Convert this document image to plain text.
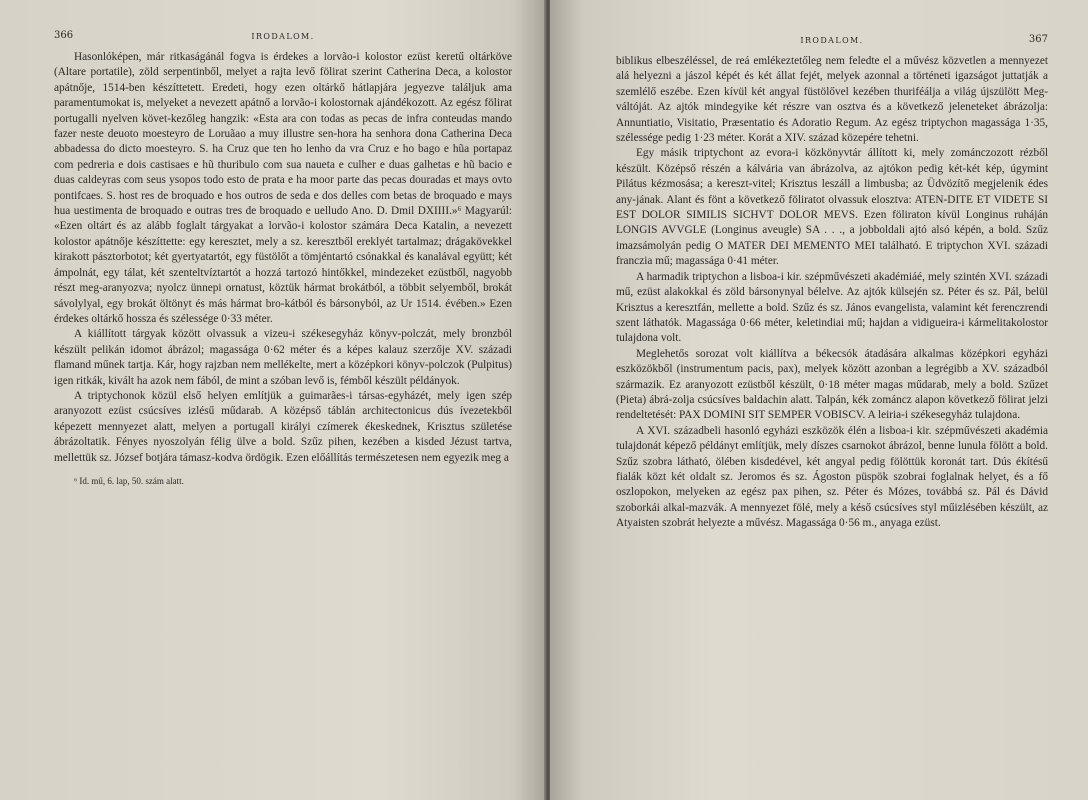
366	IRODALOM.

Hasonlóképen, már ritkaságánál fogva is érdekes a lorvão-i kolostor ezüst keretű oltárköve (Altare portatile), zöld serpentinből, melyet a rajta levő fölirat szerint Catherina Deca, a kolostor apátnője, 1514-ben készíttetett. Eredeti, hogy ezen oltárkő hátlapjára jegyezve találjuk ama paramentumokat is, melyeket a nevezett apátnő a lorvão-i kolostornak ajándékozott. Az egész fölirat portugalli nyelven követ-kezőleg hangzik: «Esta ara con todas as pecas de infra conteudas mando fazer neste deuoto moesteyro de Loruãao a muy illustre sen-hora ha senhora dona Catherina Deca abbadessa do dicto moesteyro. S. ha Cruz que ten ho lenho da vra Cruz e ho bago e hũa portapaz com pedreria e dois castisaes e hũ thuribulo com sua naueta e culher e duas galhetas e hũ bacio e duas caldeyras com seus ysopos todo esto de prata e ha moor parte das pecas douradas et mays ovto pontifcaes. S. host res de broquado e hos outros de seda e dos delles com betas de broquado e mays hua uestimenta de broquado e outras tres de broquado e uelludo Ano. D. Dmil DXIIII.»⁶ Magyarúl: «Ezen oltárt és az alább foglalt tárgyakat a lorvão-i kolostor számára Deca Katalin, a nevezett kolostor apátnője készíttette: egy keresztet, mely a sz. keresztből ereklyét tartalmaz; drágakövekkel kirakott pásztorbotot; két gyertyatartót, egy füstölőt a tömjéntartó csónakkal és kanalával együtt; két ámpolnát, egy tálat, két szenteltvíztartót a hozzá tartozó hintőkkel, mindezeket ezüstből, nagyobb részt meg-aranyozva; nyolcz ünnepi ornatust, köztük hármat brokátból, a többit selyemből, brokát sávolylyal, egy brokát öltönyt és más hármat bro-kátból és bársonyból, az Ur 1514. évében.» Ezen érdekes oltárkő hossza és szélessége 0·33 méter.

A kiállított tárgyak között olvassuk a vizeu-i székesegyház könyv-polczát, mely bronzból készült pelikán idomot ábrázol; magassága 0·62 méter és a képes kalauz szerzője XV. századi flamand műnek tartja. Kár, hogy rajzban nem mellékelte, mert a középkori könyv-polczok (Pulpitus) igen ritkák, kivált ha azok nem fából, de mint a szóban levő is, fémből készült példányok.

A triptychonok közül első helyen említjük a guimarães-i társas-egyházét, mely igen szép aranyozott ezüst csúcsíves izlésű műdarab. A középső táblán architectonicus dús ívezetekből képezett mennyezet alatt, melyen a portugall királyi czímerek ékeskednek, Krisztus születése ábrázoltatik. Fényes nyoszolyán félig ülve a bold. Szűz pihen, kezében a kisded Jézust tartva, mellettük sz. József botjára támasz-kodva ördögik. Ezen előállítás természetesen nem egyezik meg a

⁶ Id. mű, 6. lap, 50. szám alatt.
IRODALOM.	367

biblikus elbeszéléssel, de reá emlékeztetőleg nem feledte el a művész közvetlen a mennyezet alá helyezni a jászol képét és két állat fejét, melyek azonnal a történeti igazságot juttatják a szemlélő eszébe. Ezen kívül két angyal füstölővel kezében thuriféálja a világ újszülött Meg-váltóját. Az ajtók mindegyike két részre van osztva és a következő jeleneteket ábrázolja: Annuntiatio, Visitatio, Præsentatio és Adoratio Regum. Az egész triptychon magassága 1·35, szélessége pedig 1·23 méter. Korát a XIV. század közepére tehetni.

Egy másik triptychont az evora-i közkönyvtár állított ki, mely zománczozott rézből készült. Középső részén a kálvária van ábrázolva, az ajtókon pedig két-két kép, úgymint Pilátus kézmosása; a kereszt-vitel; Krisztus leszáll a limbusba; az Üdvözítő megjelenik édes any-jának. Alant és fönt a következő föliratot olvassuk elosztva: ATEN-DITE ET VIDETE SI EST DOLOR SIMILIS SICHVT DOLOR MEVS. Ezen föliraton kívül Longinus ruháján LONGIS AVVGLE (Longinus aveugle) SA . . ., a jobboldali ajtó alsó képén, a bold. Szűz imazsámolyán pedig O MATER DEI MEMENTO MEI található. E triptychon XVI. századi franczia mű; magassága 0·41 méter.

A harmadik triptychon a lisboa-i kir. szépművészeti akadémiáé, mely szintén XVI. századi mű, ezüst alakokkal és zöld bársonynyal bélelve. Az ajtók külsején sz. Péter és sz. Pál, belül Krisztus a keresztfán, mellette a bold. Szűz és sz. János evangelista, valamint két ferenczrendi szent láthatók. Magassága 0·66 méter, keletindiai mű; hajdan a vidigueira-i kármelitakolostor tulajdona volt.

Meglehetős sorozat volt kiállítva a békecsók átadására alkalmas középkori egyházi eszközökből (instrumentum pacis, pax), melyek között azonban a legrégibb a XV. századból származik. Ez aranyozott ezüstből készült, 0·18 méter magas műdarab, mely a bold. Szűzet (Pieta) ábrá-zolja csúcsíves baldachin alatt. Talpán, kék zománcz alapon következő fölirat jelzi rendeltetését: PAX DOMINI SIT SEMPER VOBISCV. A leiria-i székesegyház tulajdona.

A XVI. századbeli hasonló egyházi eszközök élén a lisboa-i kir. szépművészeti akadémia tulajdonát képező példányt említjük, mely díszes csarnokot ábrázol, benne lunula fölött a bold. Szűz szobra látható, ölében kisdedével, két angyal pedig fölöttük koronát tart. Dús ékítésű fialák közt két oldalt sz. Jeromos és sz. Ágoston püspök szobrai foglalnak helyet, és a fő oszlopokon, melyeken az egész pax pihen, sz. Péter és Mózes, továbbá sz. Pál és Dávid szoborkái alkal-mazvák. A mennyezet fölé, mely a késő csúcsíves styl műizlésében készült, az Atyaisten szobrát helyezte a művész. Magassága 0·56 m., anyaga ezüst.
